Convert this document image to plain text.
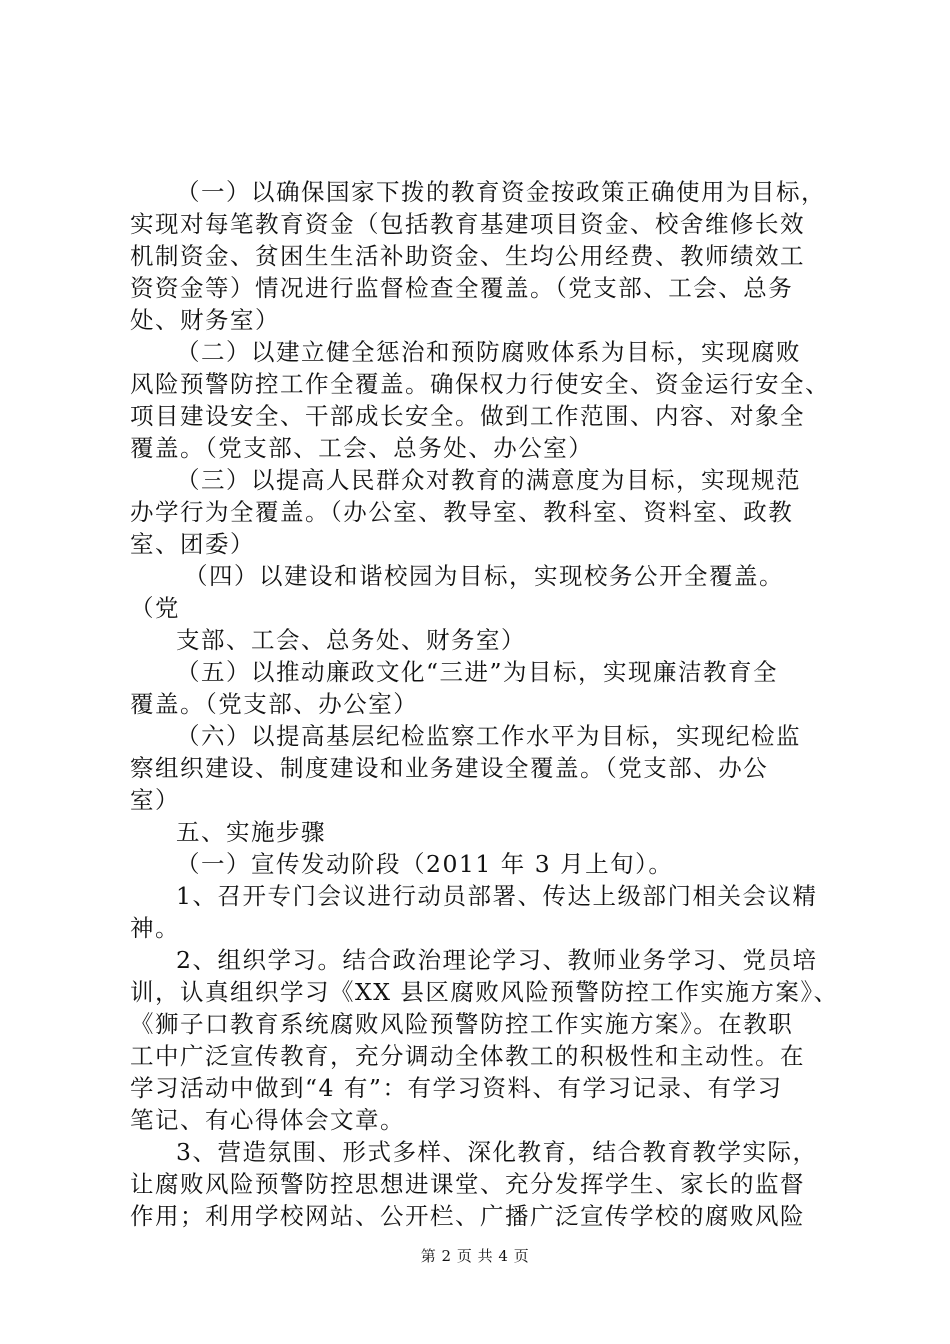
（一）以确保国家下拨的教育资金按政策正确使用为目标，
实现对每笔教育资金（包括教育基建项目资金、校舍维修长效
机制资金、贫困生生活补助资金、生均公用经费、教师绩效工
资资金等）情况进行监督检查全覆盖。（党支部、工会、总务
处、财务室）
（二）以建立健全惩治和预防腐败体系为目标，实现腐败
风险预警防控工作全覆盖。确保权力行使安全、资金运行安全、
项目建设安全、干部成长安全。做到工作范围、内容、对象全
覆盖。（党支部、工会、总务处、办公室）
（三）以提高人民群众对教育的满意度为目标，实现规范
办学行为全覆盖。（办公室、教导室、教科室、资料室、政教
室、团委）
（四）以建设和谐校园为目标，实现校务公开全覆盖。
（党
支部、工会、总务处、财务室）
（五）以推动廉政文化“三进”为目标，实现廉洁教育全
覆盖。（党支部、办公室）
（六）以提高基层纪检监察工作水平为目标，实现纪检监
察组织建设、制度建设和业务建设全覆盖。（党支部、办公
室）
五、实施步骤
（一）宣传发动阶段（2011 年 3 月上旬）。
1、召开专门会议进行动员部署、传达上级部门相关会议精
神。
2、组织学习。结合政治理论学习、教师业务学习、党员培
训，认真组织学习《XX 县区腐败风险预警防控工作实施方案》、
《狮子口教育系统腐败风险预警防控工作实施方案》。在教职
工中广泛宣传教育，充分调动全体教工的积极性和主动性。在
学习活动中做到“4 有”：有学习资料、有学习记录、有学习
笔记、有心得体会文章。
3、营造氛围、形式多样、深化教育，结合教育教学实际，
让腐败风险预警防控思想进课堂、充分发挥学生、家长的监督
作用；利用学校网站、公开栏、广播广泛宣传学校的腐败风险
第 2 页 共 4 页
